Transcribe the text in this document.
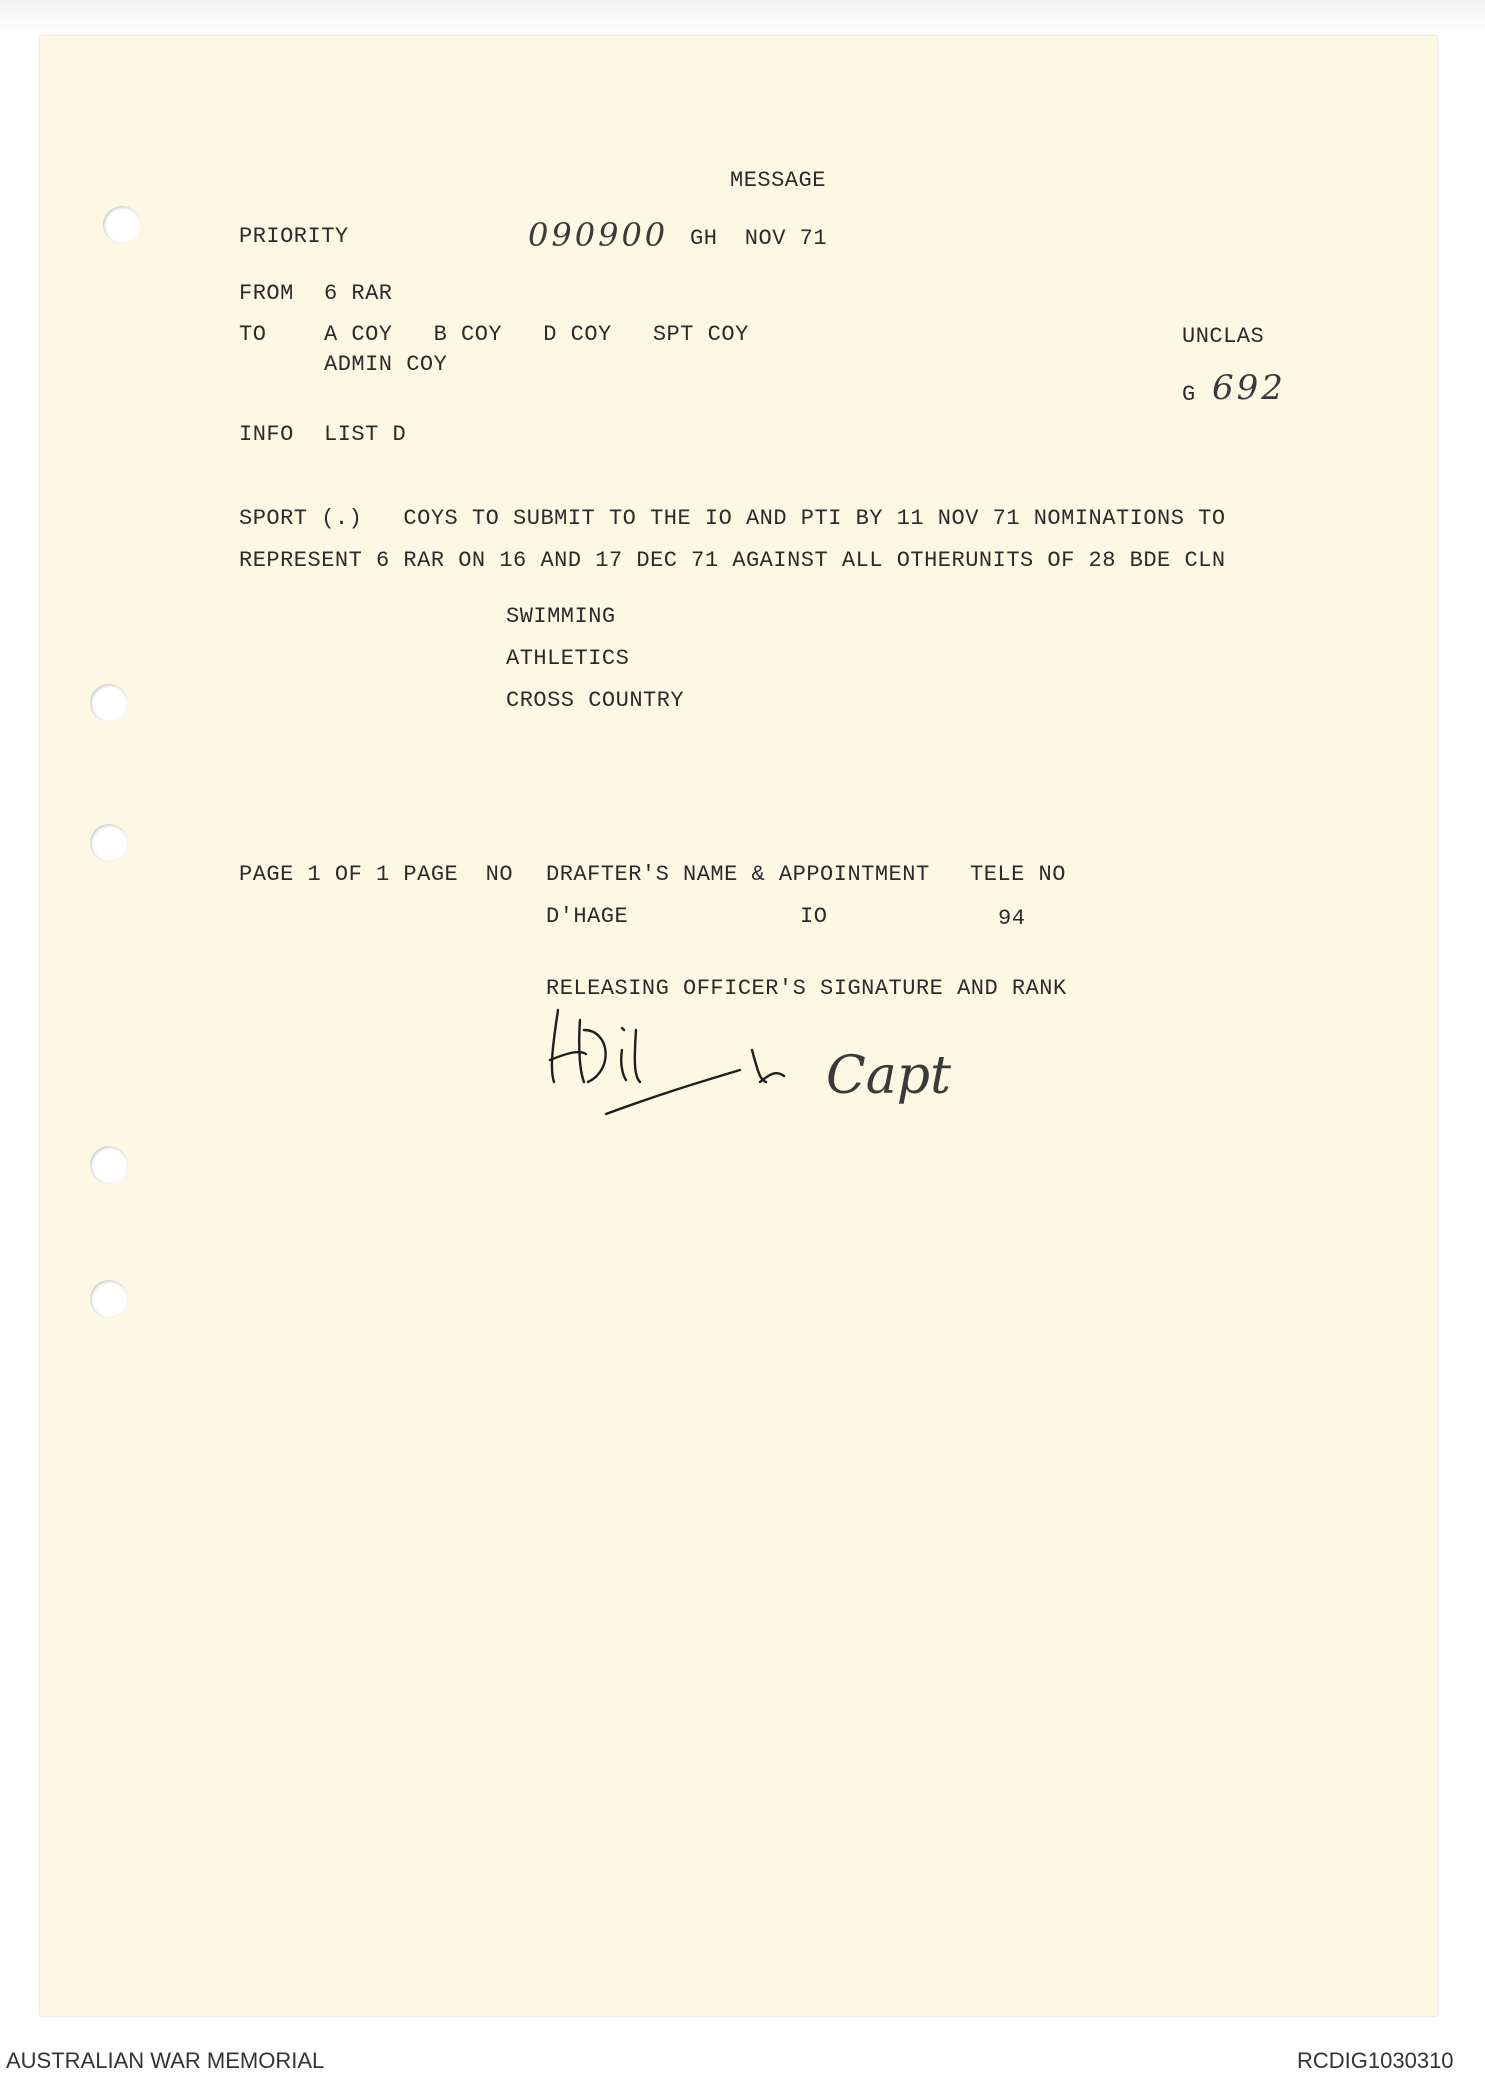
MESSAGE
PRIORITY	090900 GH  NOV 71
FROM 6 RAR
TO	A COY   B COY   D COY   SPT COY
ADMIN COY
UNCLAS
G 692
INFO LIST D
SPORT (.)   COYS TO SUBMIT TO THE IO AND PTI BY 11 NOV 71 NOMINATIONS TO
REPRESENT 6 RAR ON 16 AND 17 DEC 71 AGAINST ALL OTHERUNITS OF 28 BDE CLN
SWIMMING
ATHLETICS
CROSS COUNTRY
PAGE 1 OF 1 PAGE  NO DRAFTER'S NAME & APPOINTMENT TELE NO
D'HAGE	IO	94
RELEASING OFFICER'S SIGNATURE AND RANK
Capt
AUSTRALIAN WAR MEMORIAL	RCDIG1030310
